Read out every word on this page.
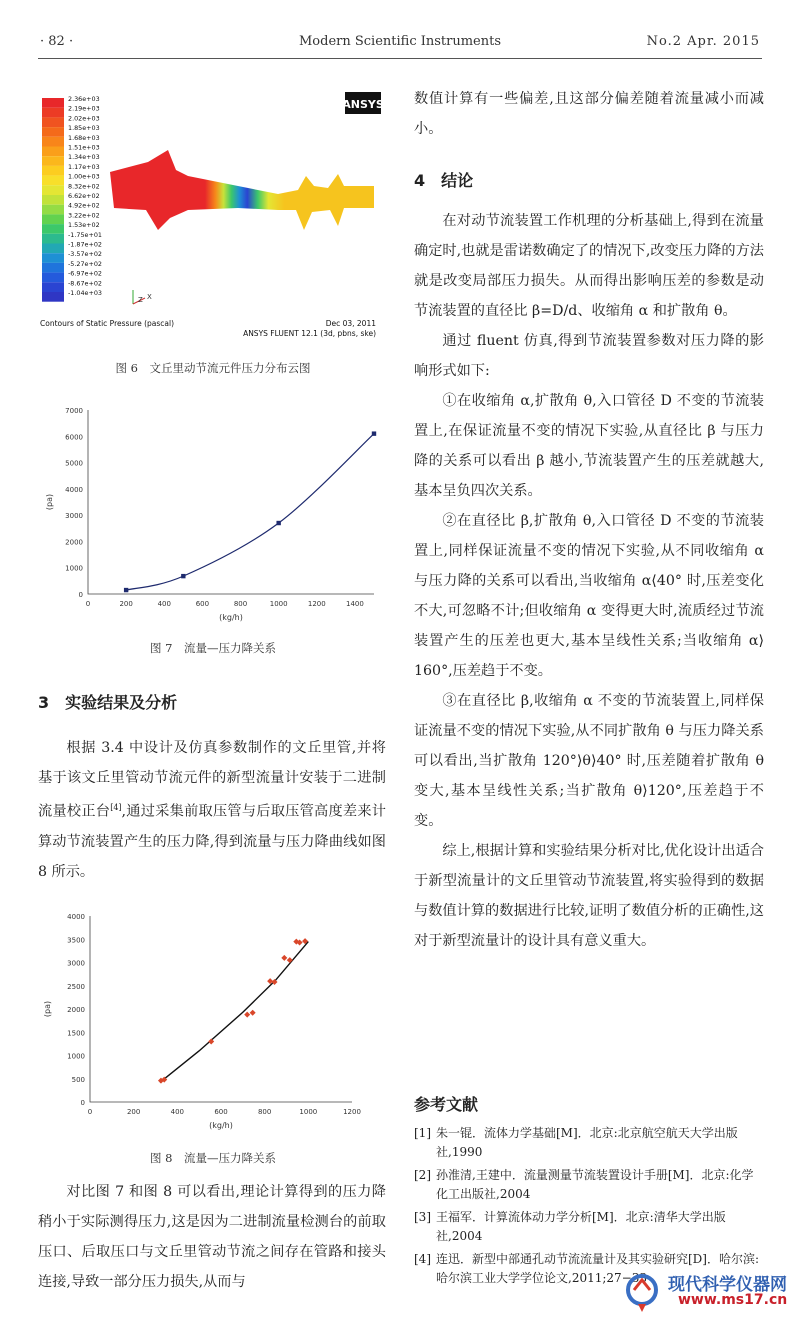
· 82 ·	Modern Scientific Instruments	No.2 Apr. 2015
2.36e+03
2.19e+03
2.02e+03
1.85e+03
1.68e+03
1.51e+03
1.34e+03
1.17e+03
1.00e+03
8.32e+02
6.62e+02
4.92e+02
3.22e+02
1.53e+02
-1.75e+01
-1.87e+02
-3.57e+02
-5.27e+02
-6.97e+02
-8.67e+02
-1.04e+03
ANSYS
Z X
Contours of Static Pressure (pascal)	Dec 03, 2011
ANSYS FLUENT 12.1 (3d, pbns, ske)
图 6　文丘里动节流元件压力分布云图
0
1000
2000
3000
4000
5000
6000
7000
0	200	400	600	800	1000	1200	1400
(kg/h)
(pa)
图 7　流量—压力降关系
3　实验结果及分析

根据 3.4 中设计及仿真参数制作的文丘里管,并将基于该文丘里管动节流元件的新型流量计安装于二进制流量校正台[4],通过采集前取压管与后取压管高度差来计算动节流装置产生的压力降,得到流量与压力降曲线如图 8 所示。

0
500
1000
1500
2000
2500
3000
3500
4000
0	200	400	600	800	1000	1200
(kg/h)
(pa)
图 8　流量—压力降关系

对比图 7 和图 8 可以看出,理论计算得到的压力降稍小于实际测得压力,这是因为二进制流量检测台的前取压口、后取压口与文丘里管动节流之间存在管路和接头连接,导致一部分压力损失,从而与

数值计算有一些偏差,且这部分偏差随着流量减小而减小。

4　结论

在对动节流装置工作机理的分析基础上,得到在流量确定时,也就是雷诺数确定了的情况下,改变压力降的方法就是改变局部压力损失。从而得出影响压差的参数是动节流装置的直径比 β=D/d、收缩角 α 和扩散角 θ。

通过 fluent 仿真,得到节流装置参数对压力降的影响形式如下:

①在收缩角 α,扩散角 θ,入口管径 D 不变的节流装置上,在保证流量不变的情况下实验,从直径比 β 与压力降的关系可以看出 β 越小,节流装置产生的压差就越大,基本呈负四次关系。

②在直径比 β,扩散角 θ,入口管径 D 不变的节流装置上,同样保证流量不变的情况下实验,从不同收缩角 α 与压力降的关系可以看出,当收缩角 α⟨40° 时,压差变化不大,可忽略不计;但收缩角 α 变得更大时,流质经过节流装置产生的压差也更大,基本呈线性关系;当收缩角 α⟩160°,压差趋于不变。

③在直径比 β,收缩角 α 不变的节流装置上,同样保证流量不变的情况下实验,从不同扩散角 θ 与压力降关系可以看出,当扩散角 120°⟩θ⟩40° 时,压差随着扩散角 θ 变大,基本呈线性关系;当扩散角 θ⟩120°,压差趋于不变。

综上,根据计算和实验结果分析对比,优化设计出适合于新型流量计的文丘里管动节流装置,将实验得到的数据与数值计算的数据进行比较,证明了数值分析的正确性,这对于新型流量计的设计具有意义重大。

参考文献
[1] 朱一锟．流体力学基础[M]．北京:北京航空航天大学出版社,1990
[2] 孙淮清,王建中．流量测量节流装置设计手册[M]．北京:化学化工出版社,2004
[3] 王福军．计算流体动力学分析[M]．北京:清华大学出版社,2004
[4] 连迅．新型中部通孔动节流流量计及其实验研究[D]．哈尔滨:哈尔滨工业大学学位论文,2011;27−33	现代科学仪器网
www.ms17.cn
